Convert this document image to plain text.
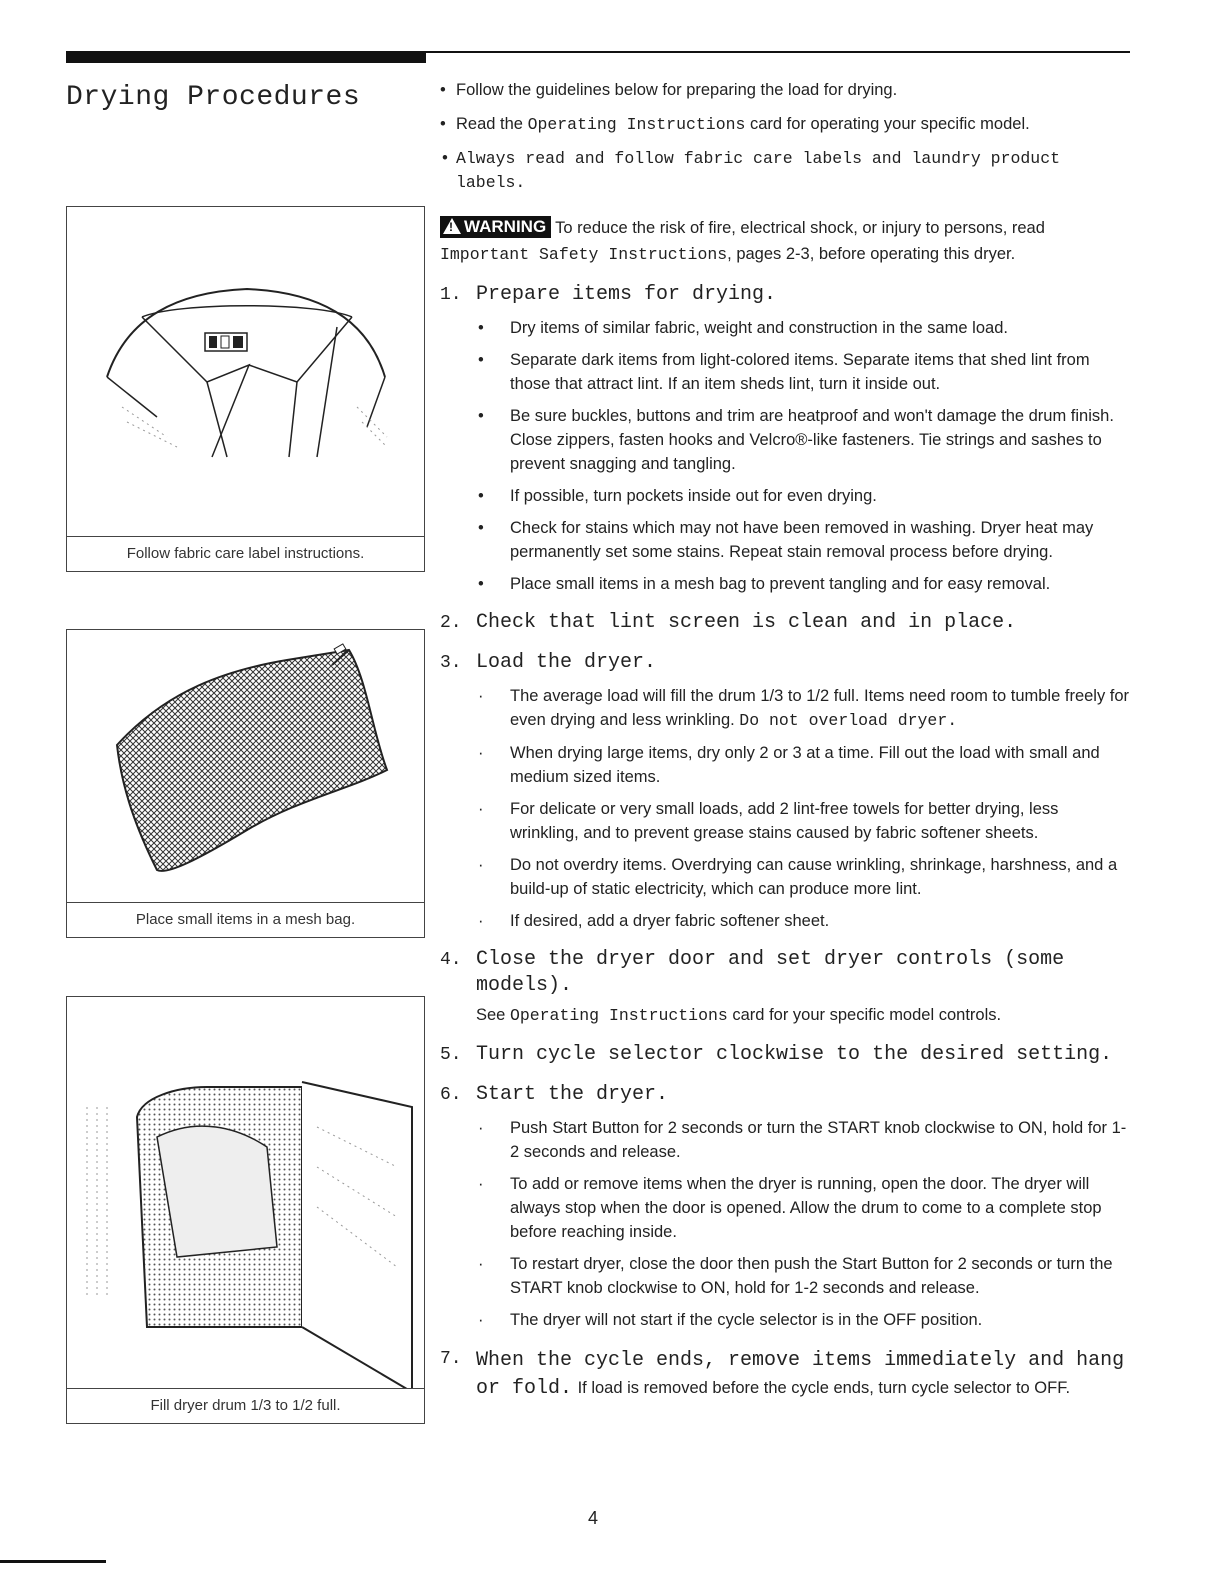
Drying Procedures
Follow fabric care label instructions.
Place small items in a mesh bag.
Fill dryer drum 1/3 to 1/2 full.
• Follow the guidelines below for preparing the load for drying.
• Read the Operating Instructions card for operating your specific model.
• Always read and follow fabric care labels and laundry product labels.
!WARNING To reduce the risk of fire, electrical shock, or injury to persons, read Important Safety Instructions, pages 2-3, before operating this dryer.
1. Prepare items for drying.
• Dry items of similar fabric, weight and construction in the same load.
• Separate dark items from light-colored items. Separate items that shed lint from those that attract lint. If an item sheds lint, turn it inside out.
• Be sure buckles, buttons and trim are heatproof and won't damage the drum finish. Close zippers, fasten hooks and Velcro®-like fasteners. Tie strings and sashes to prevent snagging and tangling.
• If possible, turn pockets inside out for even drying.
• Check for stains which may not have been removed in washing. Dryer heat may permanently set some stains. Repeat stain removal process before drying.
• Place small items in a mesh bag to prevent tangling and for easy removal.
2. Check that lint screen is clean and in place.
3. Load the dryer.
· The average load will fill the drum 1/3 to 1/2 full. Items need room to tumble freely for even drying and less wrinkling. Do not overload dryer.
· When drying large items, dry only 2 or 3 at a time. Fill out the load with small and medium sized items.
· For delicate or very small loads, add 2 lint-free towels for better drying, less wrinkling, and to prevent grease stains caused by fabric softener sheets.
· Do not overdry items. Overdrying can cause wrinkling, shrinkage, harshness, and a build-up of static electricity, which can produce more lint.
· If desired, add a dryer fabric softener sheet.
4. Close the dryer door and set dryer controls (some models).
See Operating Instructions card for your specific model controls.
5. Turn cycle selector clockwise to the desired setting.
6. Start the dryer.
· Push Start Button for 2 seconds or turn the START knob clockwise to ON, hold for 1-2 seconds and release.
· To add or remove items when the dryer is running, open the door. The dryer will always stop when the door is opened. Allow the drum to come to a complete stop before reaching inside.
· To restart dryer, close the door then push the Start Button for 2 seconds or turn the START knob clockwise to ON, hold for 1-2 seconds and release.
· The dryer will not start if the cycle selector is in the OFF position.
7. When the cycle ends, remove items immediately and hang or fold. If load is removed before the cycle ends, turn cycle selector to OFF.
4
